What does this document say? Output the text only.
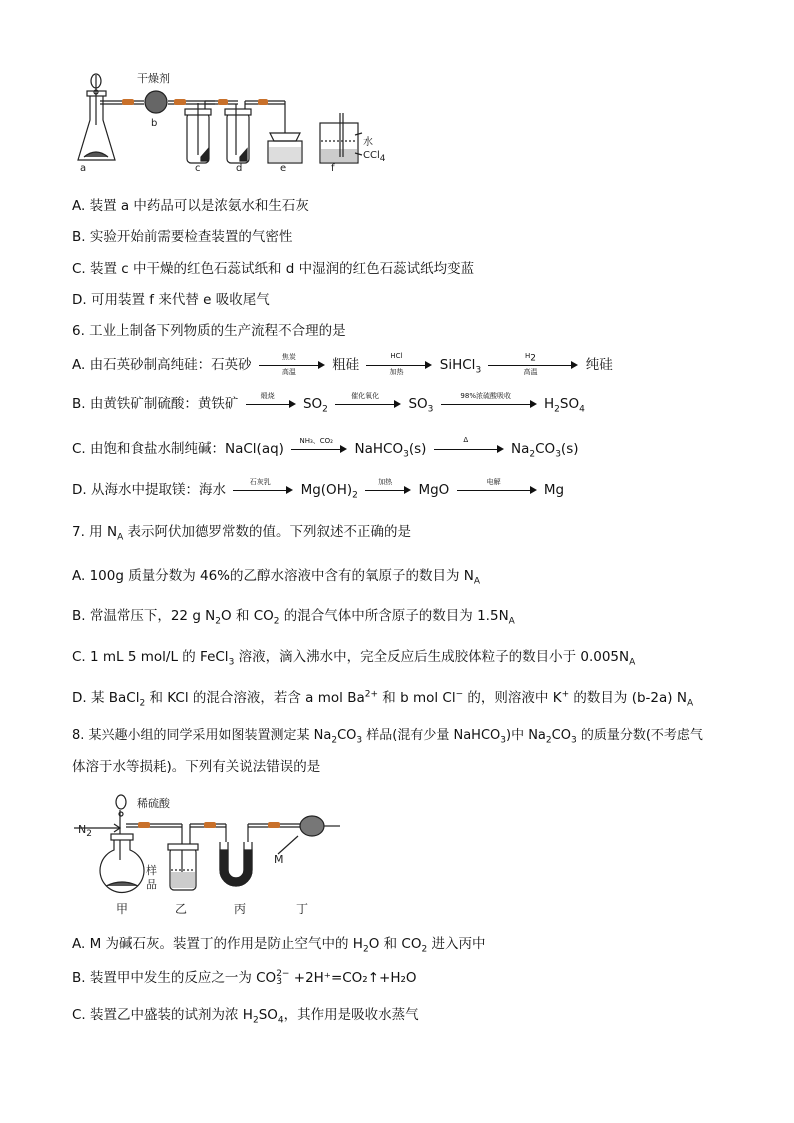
干燥剂
a
b
c	d	e	f
水
CCl$_4$
A. 装置 a 中药品可以是浓氨水和生石灰
B. 实验开始前需要检查装置的气密性
C. 装置 c 中干燥的红色石蕊试纸和 d 中湿润的红色石蕊试纸均变蓝
D. 可用装置 f 来代替 e 吸收尾气
6. 工业上制备下列物质的生产流程不合理的是
A. 由石英砂制高纯硅：石英砂	焦炭
高温	粗硅
HCl
加热	SiHCl$_3$
$H_2$
高温	纯硅
B. 由黄铁矿制硫酸：黄铁矿	煅烧	$SO_2$
催化氧化	$SO_3$
98%浓硫酸吸收	$H_2SO_4$
C. 由饱和食盐水制纯碱：NaCl(aq)	NH₃、CO₂	NaHCO$_3$(s)
Δ
$Na_2CO_3(s)$
D. 从海水中提取镁：海水	石灰乳	$Mg(OH)_2$
加热	MgO	电解	Mg
7. 用 $N_A$ 表示阿伏加德罗常数的值。下列叙述不正确的是
A. 100g 质量分数为 46%的乙醇水溶液中含有的氧原子的数目为 $N_A$
B. 常温常压下，22 g $N_2O$ 和 $CO_2$ 的混合气体中所含原子的数目为 $1.5N_A$
C. 1 mL 5 mol/L 的 FeCl$_3$ 溶液，滴入沸水中，完全反应后生成胶体粒子的数目小于 $0.005N_A$
D. 某 BaCl$_2$ 和 KCl 的混合溶液，若含 a mol $Ba^{2+}$ 和 b mol Cl− 的，则溶液中 K+ 的数目为 (b-2a) $N_A$
8. 某兴趣小组的同学采用如图装置测定某 $Na_2CO_3$ 样品(混有少量 NaHCO$_3$)中 $Na_2CO_3$ 的质量分数(不考虑气
体溶于水等损耗)。下列有关说法错误的是
稀硫酸
$N_2$
样
品
M
甲	乙	丙	丁
A. M 为碱石灰。装置丁的作用是防止空气中的 $H_2O$ 和 $CO_2$ 进入丙中
B. 装置甲中发生的反应之一为 CO 2−
3 +2H⁺=CO₂↑+H₂O
C. 装置乙中盛装的试剂为浓 $H_2SO_4$，其作用是吸收水蒸气
